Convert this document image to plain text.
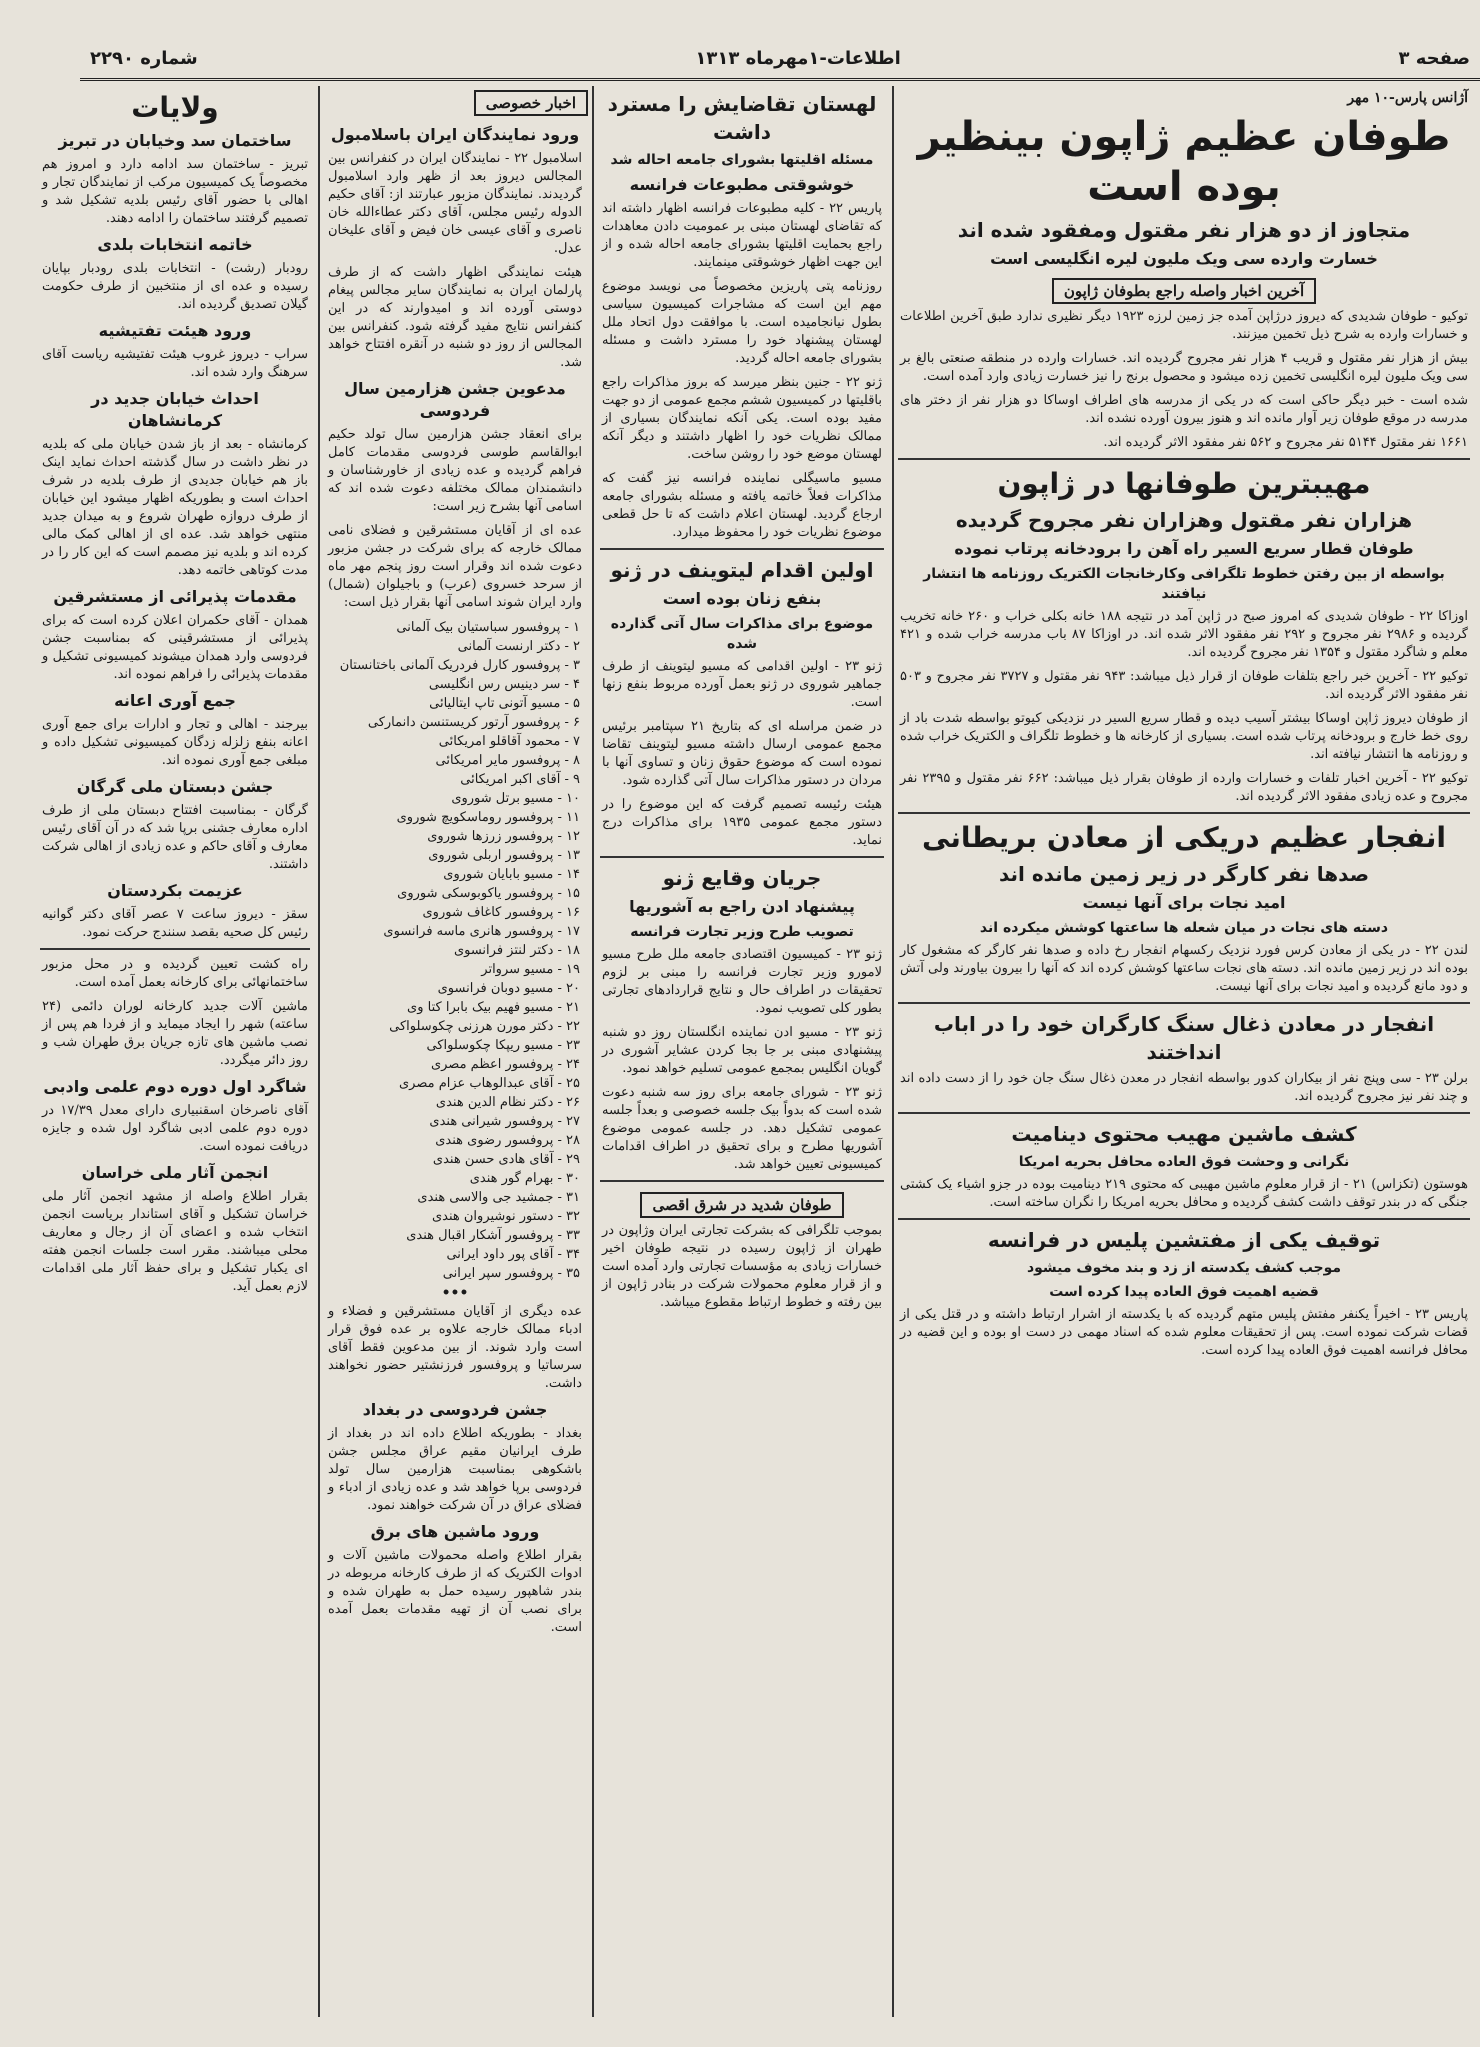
صفحه ۳
اطلاعات-۱مهرماه ۱۳۱۳
شماره ۲۲۹۰
آژانس پارس-۱۰ مهر
طوفان عظیم ژاپون بینظیر بوده است
متجاوز از دو هزار نفر مقتول ومفقود شده اند
خسارت وارده سی ویک ملیون لیره انگلیسی است
آخرین اخبار واصله راجع بطوفان ژاپون

توکیو - طوفان شدیدی که دیروز درژاپن آمده جز زمین لرزه ۱۹۲۳ دیگر نظیری ندارد طبق آخرین اطلاعات و خسارات وارده به شرح ذیل تخمین میزنند.

بیش از هزار نفر مقتول و قریب ۴ هزار نفر مجروح گردیده اند. خسارات وارده در منطقه صنعتی بالغ بر سی ویک ملیون لیره انگلیسی تخمین زده میشود و محصول برنج را نیز خسارت زیادی وارد آمده است.

شده است - خبر دیگر حاکی است که در یکی از مدرسه های اطراف اوساکا دو هزار نفر از دختر های مدرسه در موقع طوفان زیر آوار مانده اند و هنوز بیرون آورده نشده اند.

۱۶۶۱ نفر مقتول ۵۱۴۴ نفر مجروح و ۵۶۲ نفر مفقود الاثر گردیده اند.

مهیبترین طوفانها در ژاپون
هزاران نفر مقتول وهزاران نفر مجروح گردیده
طوفان قطار سریع السیر راه آهن را برودخانه پرتاب نموده
بواسطه از بین رفتن خطوط تلگرافی وکارخانجات الکتریک روزنامه ها انتشار نیافتند

اوزاکا ۲۲ - طوفان شدیدی که امروز صبح در ژاپن آمد در نتیجه ۱۸۸ خانه بکلی خراب و ۲۶۰ خانه تخریب گردیده و ۲۹۸۶ نفر مجروح و ۲۹۲ نفر مفقود الاثر شده اند. در اوزاکا ۸۷ باب مدرسه خراب شده و ۴۲۱ معلم و شاگرد مقتول و ۱۳۵۴ نفر مجروح گردیده اند.

توکیو ۲۲ - آخرین خبر راجع بتلفات طوفان از قرار ذیل میباشد: ۹۴۳ نفر مقتول و ۳۷۲۷ نفر مجروح و ۵۰۳ نفر مفقود الاثر گردیده اند.

از طوفان دیروز ژاپن اوساکا بیشتر آسیب دیده و قطار سریع السیر در نزدیکی کیوتو بواسطه شدت باد از روی خط خارج و برودخانه پرتاب شده است. بسیاری از کارخانه ها و خطوط تلگراف و الکتریک خراب شده و روزنامه ها انتشار نیافته اند.

توکیو ۲۲ - آخرین اخبار تلفات و خسارات وارده از طوفان بقرار ذیل میباشد: ۶۶۲ نفر مقتول و ۲۳۹۵ نفر مجروح و عده زیادی مفقود الاثر گردیده اند.

انفجار عظیم دریکی از معادن بریطانی
صدها نفر کارگر در زیر زمین مانده اند
امید نجات برای آنها نیست
دسته های نجات در میان شعله ها ساعتها کوشش میکرده اند

لندن ۲۲ - در یکی از معادن کرس فورد نزدیک رکسهام انفجار رخ داده و صدها نفر کارگر که مشغول کار بوده اند در زیر زمین مانده اند. دسته های نجات ساعتها کوشش کرده اند که آنها را بیرون بیاورند ولی آتش و دود مانع گردیده و امید نجات برای آنها نیست.

انفجار در معادن ذغال سنگ کارگران خود را در اباب انداختند

برلن ۲۳ - سی وپنج نفر از بیکاران کدور بواسطه انفجار در معدن ذغال سنگ جان خود را از دست داده اند و چند نفر نیز مجروح گردیده اند.

کشف ماشین مهیب محتوی دینامیت
نگرانی و وحشت فوق العاده محافل بحریه امریکا

هوستون (تکزاس) ۲۱ - از قرار معلوم ماشین مهیبی که محتوی ۲۱۹ دینامیت بوده در جزو اشیاء یک کشتی جنگی که در بندر توقف داشت کشف گردیده و محافل بحریه امریکا را نگران ساخته است.

توقیف یکی از مفتشین پلیس در فرانسه
موجب کشف یکدسته از زد و بند مخوف میشود
قضیه اهمیت فوق العاده پیدا کرده است

پاریس ۲۳ - اخیراً یکنفر مفتش پلیس متهم گردیده که با یکدسته از اشرار ارتباط داشته و در قتل یکی از قضات شرکت نموده است. پس از تحقیقات معلوم شده که اسناد مهمی در دست او بوده و این قضیه در محافل فرانسه اهمیت فوق العاده پیدا کرده است.

لهستان تقاضایش را مسترد داشت
مسئله اقلیتها بشورای جامعه احاله شد
خوشوقتی مطبوعات فرانسه

پاریس ۲۲ - کلیه مطبوعات فرانسه اظهار داشته اند که تقاضای لهستان مبنی بر عمومیت دادن معاهدات راجع بحمایت اقلیتها بشورای جامعه احاله شده و از این جهت اظهار خوشوقتی مینمایند.

روزنامه پتی پاریزین مخصوصاً می نویسد موضوع مهم این است که مشاجرات کمیسیون سیاسی بطول نیانجامیده است. با موافقت دول اتحاد ملل لهستان پیشنهاد خود را مسترد داشت و مسئله بشورای جامعه احاله گردید.

ژنو ۲۲ - جنین بنظر میرسد که بروز مذاکرات راجع باقلیتها در کمیسیون ششم مجمع عمومی از دو جهت مفید بوده است. یکی آنکه نمایندگان بسیاری از ممالک نظریات خود را اظهار داشتند و دیگر آنکه لهستان موضع خود را روشن ساخت.

مسیو ماسیگلی نماینده فرانسه نیز گفت که مذاکرات فعلاً خاتمه یافته و مسئله بشورای جامعه ارجاع گردید. لهستان اعلام داشت که تا حل قطعی موضوع نظریات خود را محفوظ میدارد.

اولین اقدام لیتوینف در ژنو
بنفع زنان بوده است
موضوع برای مذاکرات سال آتی گذارده شده

ژنو ۲۳ - اولین اقدامی که مسیو لیتوینف از طرف جماهیر شوروی در ژنو بعمل آورده مربوط بنفع زنها است.

در ضمن مراسله ای که بتاریخ ۲۱ سپتامبر برئیس مجمع عمومی ارسال داشته مسیو لیتوینف تقاضا نموده است که موضوع حقوق زنان و تساوی آنها با مردان در دستور مذاکرات سال آتی گذارده شود.

هیئت رئیسه تصمیم گرفت که این موضوع را در دستور مجمع عمومی ۱۹۳۵ برای مذاکرات درج نماید.

جریان وقایع ژنو
پیشنهاد ادن راجع به آشوریها
تصویب طرح وزیر تجارت فرانسه

ژنو ۲۳ - کمیسیون اقتصادی جامعه ملل طرح مسیو لامورو وزیر تجارت فرانسه را مبنی بر لزوم تحقیقات در اطراف حال و نتایج قراردادهای تجارتی بطور کلی تصویب نمود.

ژنو ۲۳ - مسیو ادن نماینده انگلستان روز دو شنبه پیشنهادی مبنی بر جا بجا کردن عشایر آشوری در گویان انگلیس بمجمع عمومی تسلیم خواهد نمود.

ژنو ۲۳ - شورای جامعه برای روز سه شنبه دعوت شده است که بدواً بیک جلسه خصوصی و بعداً جلسه عمومی تشکیل دهد. در جلسه عمومی موضوع آشوریها مطرح و برای تحقیق در اطراف اقدامات کمیسیونی تعیین خواهد شد.

طوفان شدید در شرق اقصی

بموجب تلگرافی که بشرکت تجارتی ایران وژاپون در طهران از ژاپون رسیده در نتیجه طوفان اخیر خسارات زیادی به مؤسسات تجارتی وارد آمده است و از قرار معلوم محمولات شرکت در بنادر ژاپون از بین رفته و خطوط ارتباط مقطوع میباشد.

اخبار خصوصی
ورود نمایندگان ایران باسلامبول

اسلامبول ۲۲ - نمایندگان ایران در کنفرانس بین المجالس دیروز بعد از ظهر وارد اسلامبول گردیدند. نمایندگان مزبور عبارتند از: آقای حکیم الدوله رئیس مجلس، آقای دکتر عطاءالله خان ناصری و آقای عیسی خان فیض و آقای علیخان عدل.

هیئت نمایندگی اظهار داشت که از طرف پارلمان ایران به نمایندگان سایر مجالس پیغام دوستی آورده اند و امیدوارند که در این کنفرانس نتایج مفید گرفته شود. کنفرانس بین المجالس از روز دو شنبه در آنقره افتتاح خواهد شد.

مدعوین جشن هزارمین سال فردوسی

برای انعقاد جشن هزارمین سال تولد حکیم ابوالقاسم طوسی فردوسی مقدمات کامل فراهم گردیده و عده زیادی از خاورشناسان و دانشمندان ممالک مختلفه دعوت شده اند که اسامی آنها بشرح زیر است:

عده ای از آقایان مستشرقین و فضلای نامی ممالک خارجه که برای شرکت در جشن مزبور دعوت شده اند وقرار است روز پنجم مهر ماه از سرحد خسروی (عرب) و باجیلوان (شمال) وارد ایران شوند اسامی آنها بقرار ذیل است:

۱ - پروفسور سباستیان بیک آلمانی
۲ - دکتر ارنست آلمانی
۳ - پروفسور کارل فردریک آلمانی باختانستان
۴ - سر دینیس رس انگلیسی
۵ - مسیو آتونی تاپ ایتالیائی
۶ - پروفسور آرتور کریستنسن دانمارکی
۷ - محمود آقاقلو امریکائی
۸ - پروفسور مایر امریکائی
۹ - آقای اکبر امریکائی
۱۰ - مسیو برتل شوروی
۱۱ - پروفسور روماسکویچ شوروی
۱۲ - پروفسور زرزها شوروی
۱۳ - پروفسور اربلی شوروی
۱۴ - مسیو بابایان شوروی
۱۵ - پروفسور یاکوبوسکی شوروی
۱۶ - پروفسور کاغاف شوروی
۱۷ - پروفسور هانری ماسه فرانسوی
۱۸ - دکتر لنتز فرانسوی
۱۹ - مسیو سرواتر
۲۰ - مسیو دوبان فرانسوی
۲۱ - مسیو فهیم بیک بابرا کتا وی
۲۲ - دکتر مورن هرزنی چکوسلواکی
۲۳ - مسیو ریپکا چکوسلواکی
۲۴ - پروفسور اعظم مصری
۲۵ - آقای عبدالوهاب عزام مصری
۲۶ - دکتر نظام الدین هندی
۲۷ - پروفسور شیرانی هندی
۲۸ - پروفسور رضوی هندی
۲۹ - آقای هادی حسن هندی
۳۰ - بهرام گور هندی
۳۱ - جمشید جی والاسی هندی
۳۲ - دستور نوشیروان هندی
۳۳ - پروفسور آشکار اقبال هندی
۳۴ - آقای پور داود ایرانی
۳۵ - پروفسور سپر ایرانی
•••

عده دیگری از آقایان مستشرقین و فضلاء و ادباء ممالک خارجه علاوه بر عده فوق قرار است وارد شوند. از بین مدعوین فقط آقای سرساتیا و پروفسور فرزنشتیر حضور نخواهند داشت.

جشن فردوسی در بغداد

بغداد - بطوریکه اطلاع داده اند در بغداد از طرف ایرانیان مقیم عراق مجلس جشن باشکوهی بمناسبت هزارمین سال تولد فردوسی برپا خواهد شد و عده زیادی از ادباء و فضلای عراق در آن شرکت خواهند نمود.

ورود ماشین های برق

بقرار اطلاع واصله محمولات ماشین آلات و ادوات الکتریک که از طرف کارخانه مربوطه در بندر شاهپور رسیده حمل به طهران شده و برای نصب آن از تهیه مقدمات بعمل آمده است.

ولایات
ساختمان سد وخیابان در تبریز

تبریز - ساختمان سد ادامه دارد و امروز هم مخصوصاً یک کمیسیون مرکب از نمایندگان تجار و اهالی با حضور آقای رئیس بلدیه تشکیل شد و تصمیم گرفتند ساختمان را ادامه دهند.

خاتمه انتخابات بلدی

رودبار (رشت) - انتخابات بلدی رودبار بپایان رسیده و عده ای از منتخبین از طرف حکومت گیلان تصدیق گردیده اند.

ورود هیئت تفتیشیه

سراب - دیروز غروب هیئت تفتیشیه ریاست آقای سرهنگ وارد شده اند.

احداث خیابان جدید در کرمانشاهان

کرمانشاه - بعد از باز شدن خیابان ملی که بلدیه در نظر داشت در سال گذشته احداث نماید اینک باز هم خیابان جدیدی از طرف بلدیه در شرف احداث است و بطوریکه اظهار میشود این خیابان از طرف دروازه طهران شروع و به میدان جدید منتهی خواهد شد. عده ای از اهالی کمک مالی کرده اند و بلدیه نیز مصمم است که این کار را در مدت کوتاهی خاتمه دهد.

مقدمات پذیرائی از مستشرقین

همدان - آقای حکمران اعلان کرده است که برای پذیرائی از مستشرقینی که بمناسبت جشن فردوسی وارد همدان میشوند کمیسیونی تشکیل و مقدمات پذیرائی را فراهم نموده اند.

جمع آوری اعانه

بیرجند - اهالی و تجار و ادارات برای جمع آوری اعانه بنفع زلزله زدگان کمیسیونی تشکیل داده و مبلغی جمع آوری نموده اند.

جشن دبستان ملی گرگان

گرگان - بمناسبت افتتاح دبستان ملی از طرف اداره معارف جشنی برپا شد که در آن آقای رئیس معارف و آقای حاکم و عده زیادی از اهالی شرکت داشتند.

عزیمت بکردستان

سقز - دیروز ساعت ۷ عصر آقای دکتر گوانیه رئیس کل صحیه بقصد سنندج حرکت نمود.

راه کشت تعیین گردیده و در محل مزبور ساختمانهائی برای کارخانه بعمل آمده است.

ماشین آلات جدید کارخانه لوران دائمی (۲۴ ساعته) شهر را ایجاد میماید و از فردا هم پس از نصب ماشین های تازه جریان برق طهران شب و روز دائر میگردد.

شاگرد اول دوره دوم علمی وادبی

آقای ناصرخان اسقنبیاری دارای معدل ۱۷/۳۹ در دوره دوم علمی ادبی شاگرد اول شده و جایزه دریافت نموده است.

انجمن آثار ملی خراسان

بقرار اطلاع واصله از مشهد انجمن آثار ملی خراسان تشکیل و آقای استاندار بریاست انجمن انتخاب شده و اعضای آن از رجال و معاریف محلی میباشند. مقرر است جلسات انجمن هفته ای یکبار تشکیل و برای حفظ آثار ملی اقدامات لازم بعمل آید.
